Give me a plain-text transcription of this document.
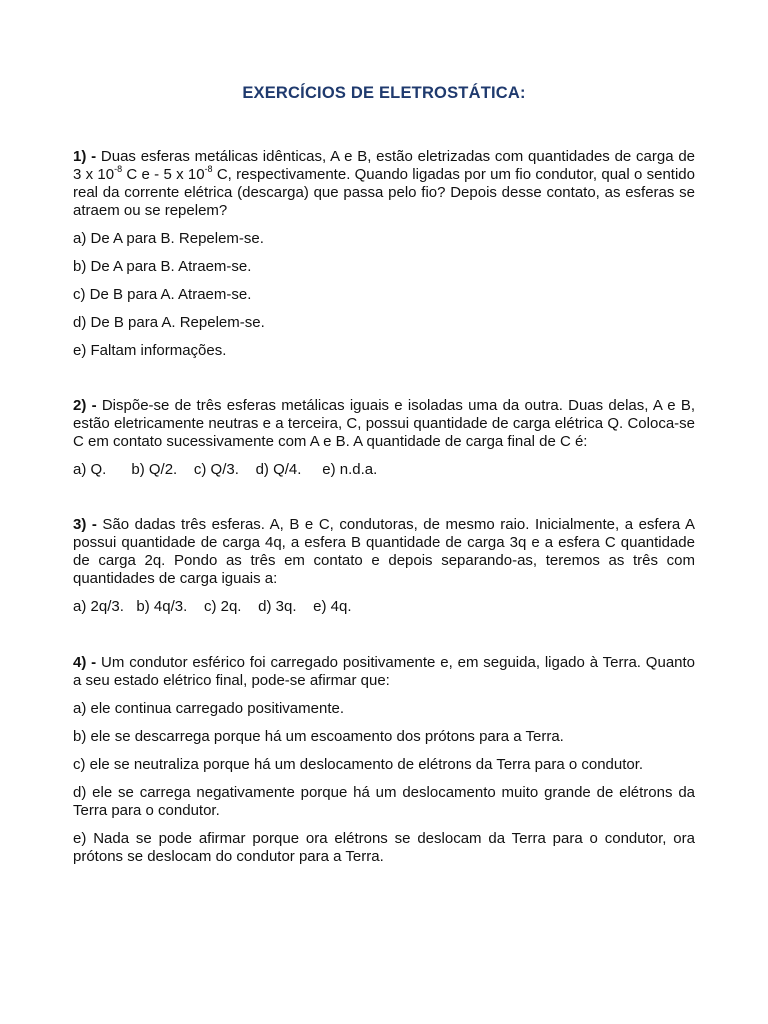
EXERCÍCIOS DE ELETROSTÁTICA:

1) - Duas esferas metálicas idênticas, A e B, estão eletrizadas com quantidades de carga de 3 x $10^{-8}$ C e - 5 x $10^{-8}$ C, respectivamente. Quando ligadas por um fio condutor, qual o sentido real da corrente elétrica (descarga) que passa pelo fio? Depois desse contato, as esferas se atraem ou se repelem?

a) De A para B. Repelem-se.

b) De A para B. Atraem-se.

c) De B para A. Atraem-se.

d) De B para A. Repelem-se.

e) Faltam informações.

2) - Dispõe-se de três esferas metálicas iguais e isoladas uma da outra. Duas delas, A e B, estão eletricamente neutras e a terceira, C, possui quantidade de carga elétrica Q. Coloca-se C em contato sucessivamente com A e B. A quantidade de carga final de C é:

a) Q. b) Q/2. c) Q/3. d) Q/4. e) n.d.a.

3) - São dadas três esferas. A, B e C, condutoras, de mesmo raio. Inicialmente, a esfera A possui quantidade de carga 4q, a esfera B quantidade de carga 3q e a esfera C quantidade de carga 2q. Pondo as três em contato e depois separando-as, teremos as três com quantidades de carga iguais a:

a) 2q/3. b) 4q/3. c) 2q. d) 3q. e) 4q.

4) - Um condutor esférico foi carregado positivamente e, em seguida, ligado à Terra. Quanto a seu estado elétrico final, pode-se afirmar que:

a) ele continua carregado positivamente.

b) ele se descarrega porque há um escoamento dos prótons para a Terra.

c) ele se neutraliza porque há um deslocamento de elétrons da Terra para o condutor.

d) ele se carrega negativamente porque há um deslocamento muito grande de elétrons da Terra para o condutor.

e) Nada se pode afirmar porque ora elétrons se deslocam da Terra para o condutor, ora prótons se deslocam do condutor para a Terra.
